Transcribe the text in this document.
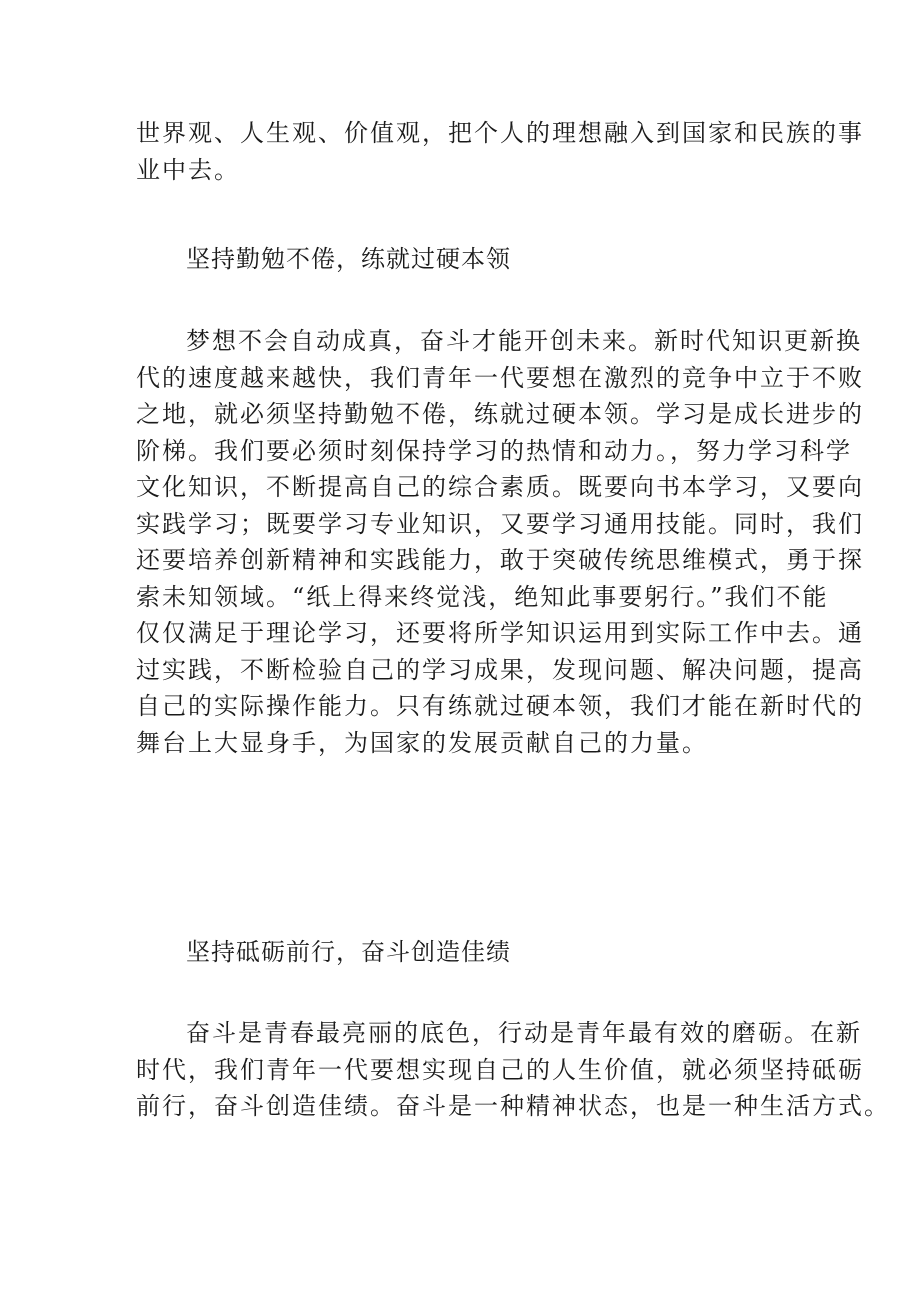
世界观、人生观、价值观，把个人的理想融入到国家和民族的事
业中去。

坚持勤勉不倦，练就过硬本领

梦想不会自动成真，奋斗才能开创未来。新时代知识更新换
代的速度越来越快，我们青年一代要想在激烈的竞争中立于不败
之地，就必须坚持勤勉不倦，练就过硬本领。学习是成长进步的
阶梯。我们要必须时刻保持学习的热情和动力。，努力学习科学
文化知识，不断提高自己的综合素质。既要向书本学习，又要向
实践学习；既要学习专业知识，又要学习通用技能。同时，我们
还要培养创新精神和实践能力，敢于突破传统思维模式，勇于探
索未知领域。“纸上得来终觉浅，绝知此事要躬行。”我们不能
仅仅满足于理论学习，还要将所学知识运用到实际工作中去。通
过实践，不断检验自己的学习成果，发现问题、解决问题，提高
自己的实际操作能力。只有练就过硬本领，我们才能在新时代的
舞台上大显身手，为国家的发展贡献自己的力量。

坚持砥砺前行，奋斗创造佳绩

奋斗是青春最亮丽的底色，行动是青年最有效的磨砺。在新
时代，我们青年一代要想实现自己的人生价值，就必须坚持砥砺
前行，奋斗创造佳绩。奋斗是一种精神状态，也是一种生活方式。
